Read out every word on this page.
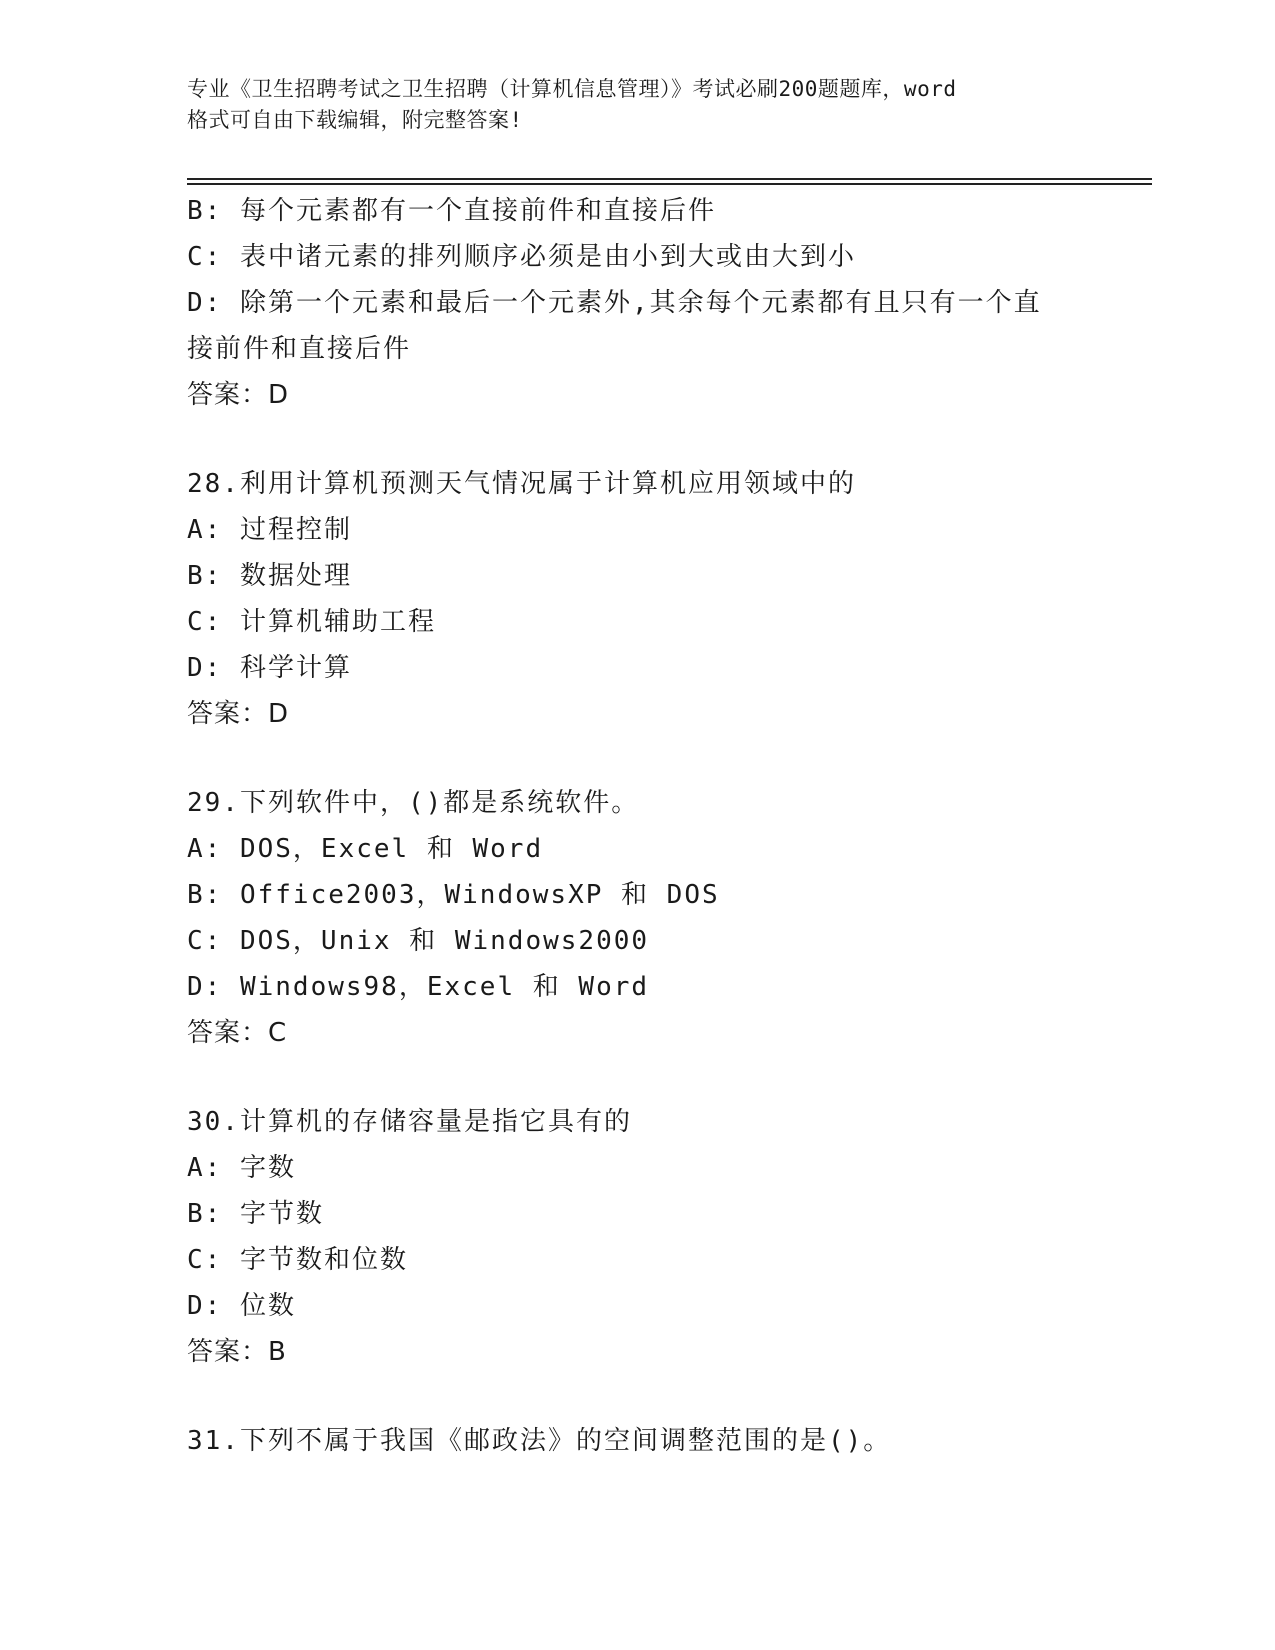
专业《卫生招聘考试之卫生招聘（计算机信息管理）》考试必刷200题题库，word
格式可自由下载编辑，附完整答案!
B: 每个元素都有一个直接前件和直接后件
C: 表中诸元素的排列顺序必须是由小到大或由大到小
D: 除第一个元素和最后一个元素外,其余每个元素都有且只有一个直
接前件和直接后件
答案：D
28.利用计算机预测天气情况属于计算机应用领域中的
A: 过程控制
B: 数据处理
C: 计算机辅助工程
D: 科学计算
答案：D
29.下列软件中，()都是系统软件。
A: DOS，Excel 和 Word
B: Office2003，WindowsXP 和 DOS
C: DOS，Unix 和 Windows2000
D: Windows98，Excel 和 Word
答案：C
30.计算机的存储容量是指它具有的
A: 字数
B: 字节数
C: 字节数和位数
D: 位数
答案：B
31.下列不属于我国《邮政法》的空间调整范围的是()。
